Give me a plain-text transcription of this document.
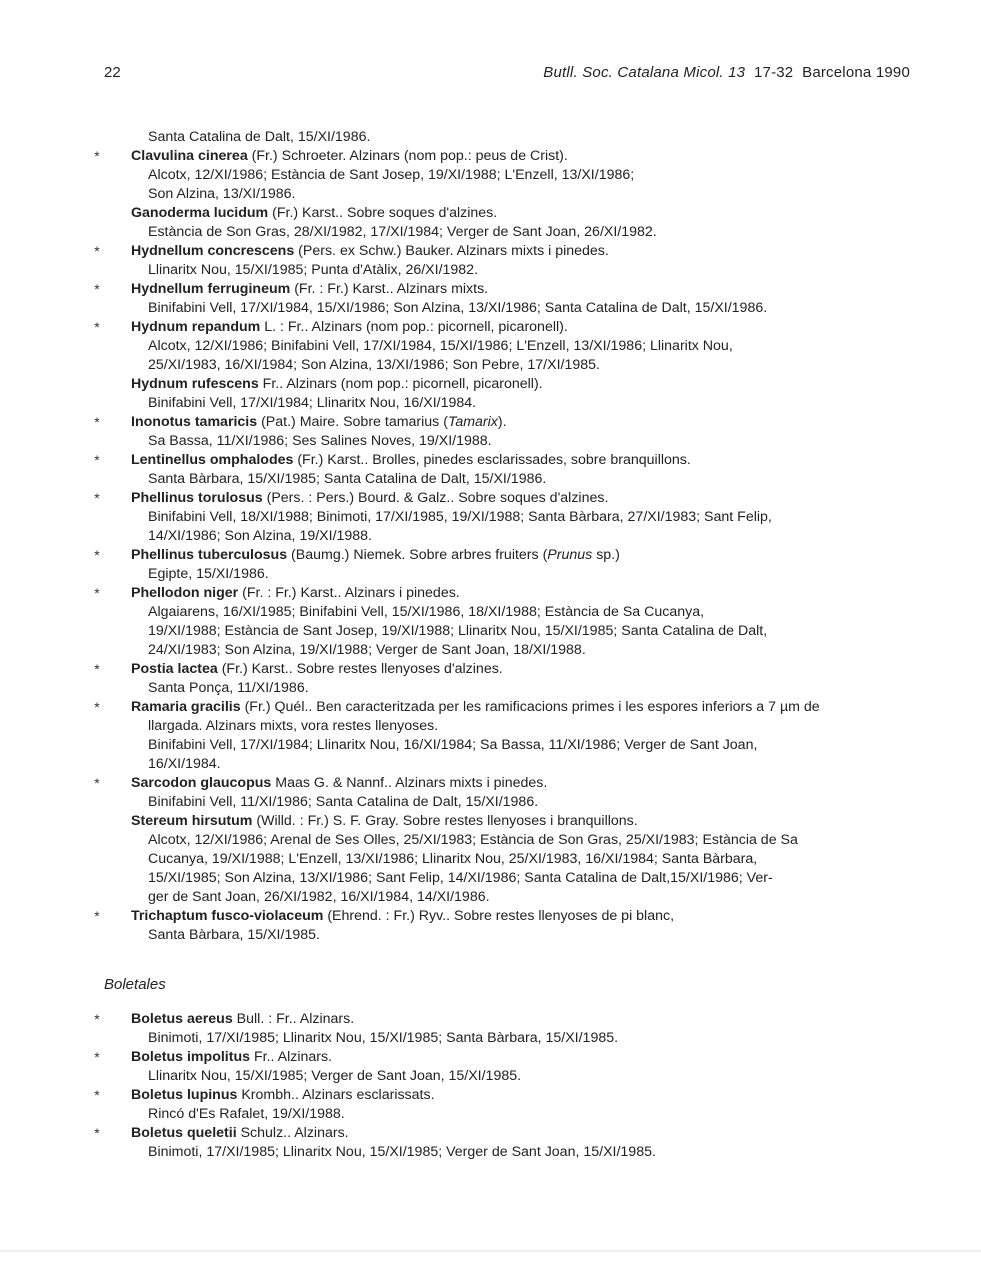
22	Butll. Soc. Catalana Micol. 13 17-32 Barcelona 1990
Santa Catalina de Dalt, 15/XI/1986.
*	Clavulina cinerea (Fr.) Schroeter. Alzinars (nom pop.: peus de Crist).
Alcotx, 12/XI/1986; Estància de Sant Josep, 19/XI/1988; L'Enzell, 13/XI/1986;
Son Alzina, 13/XI/1986.
Ganoderma lucidum (Fr.) Karst.. Sobre soques d'alzines.
Estància de Son Gras, 28/XI/1982, 17/XI/1984; Verger de Sant Joan, 26/XI/1982.
*	Hydnellum concrescens (Pers. ex Schw.) Bauker. Alzinars mixts i pinedes.
Llinaritx Nou, 15/XI/1985; Punta d'Atàlix, 26/XI/1982.
*	Hydnellum ferrugineum (Fr. : Fr.) Karst.. Alzinars mixts.
Binifabini Vell, 17/XI/1984, 15/XI/1986; Son Alzina, 13/XI/1986; Santa Catalina de Dalt, 15/XI/1986.
*	Hydnum repandum L. : Fr.. Alzinars (nom pop.: picornell, picaronell).
Alcotx, 12/XI/1986; Binifabini Vell, 17/XI/1984, 15/XI/1986; L'Enzell, 13/XI/1986; Llinaritx Nou,
25/XI/1983, 16/XI/1984; Son Alzina, 13/XI/1986; Son Pebre, 17/XI/1985.
Hydnum rufescens Fr.. Alzinars (nom pop.: picornell, picaronell).
Binifabini Vell, 17/XI/1984; Llinaritx Nou, 16/XI/1984.
*	Inonotus tamaricis (Pat.) Maire. Sobre tamarius (Tamarix).
Sa Bassa, 11/XI/1986; Ses Salines Noves, 19/XI/1988.
*	Lentinellus omphalodes (Fr.) Karst.. Brolles, pinedes esclarissades, sobre branquillons.
Santa Bàrbara, 15/XI/1985; Santa Catalina de Dalt, 15/XI/1986.
*	Phellinus torulosus (Pers. : Pers.) Bourd. & Galz.. Sobre soques d'alzines.
Binifabini Vell, 18/XI/1988; Binimoti, 17/XI/1985, 19/XI/1988; Santa Bàrbara, 27/XI/1983; Sant Felip,
14/XI/1986; Son Alzina, 19/XI/1988.
*	Phellinus tuberculosus (Baumg.) Niemek. Sobre arbres fruiters (Prunus sp.)
Egipte, 15/XI/1986.
*	Phellodon niger (Fr. : Fr.) Karst.. Alzinars i pinedes.
Algaiarens, 16/XI/1985; Binifabini Vell, 15/XI/1986, 18/XI/1988; Estància de Sa Cucanya,
19/XI/1988; Estància de Sant Josep, 19/XI/1988; Llinaritx Nou, 15/XI/1985; Santa Catalina de Dalt,
24/XI/1983; Son Alzina, 19/XI/1988; Verger de Sant Joan, 18/XI/1988.
*	Postia lactea (Fr.) Karst.. Sobre restes llenyoses d'alzines.
Santa Ponça, 11/XI/1986.
*	Ramaria gracilis (Fr.) Quél.. Ben caracteritzada per les ramificacions primes i les espores inferiors a 7 µm de
llargada. Alzinars mixts, vora restes llenyoses.
Binifabini Vell, 17/XI/1984; Llinaritx Nou, 16/XI/1984; Sa Bassa, 11/XI/1986; Verger de Sant Joan,
16/XI/1984.
*	Sarcodon glaucopus Maas G. & Nannf.. Alzinars mixts i pinedes.
Binifabini Vell, 11/XI/1986; Santa Catalina de Dalt, 15/XI/1986.
Stereum hirsutum (Willd. : Fr.) S. F. Gray. Sobre restes llenyoses i branquillons.
Alcotx, 12/XI/1986; Arenal de Ses Olles, 25/XI/1983; Estància de Son Gras, 25/XI/1983; Estància de Sa
Cucanya, 19/XI/1988; L'Enzell, 13/XI/1986; Llinaritx Nou, 25/XI/1983, 16/XI/1984; Santa Bàrbara,
15/XI/1985; Son Alzina, 13/XI/1986; Sant Felip, 14/XI/1986; Santa Catalina de Dalt,15/XI/1986; Ver-
ger de Sant Joan, 26/XI/1982, 16/XI/1984, 14/XI/1986.
*	Trichaptum fusco-violaceum (Ehrend. : Fr.) Ryv.. Sobre restes llenyoses de pi blanc,
Santa Bàrbara, 15/XI/1985.
Boletales
*	Boletus aereus Bull. : Fr.. Alzinars.
Binimoti, 17/XI/1985; Llinaritx Nou, 15/XI/1985; Santa Bàrbara, 15/XI/1985.
*	Boletus impolitus Fr.. Alzinars.
Llinaritx Nou, 15/XI/1985; Verger de Sant Joan, 15/XI/1985.
*	Boletus lupinus Krombh.. Alzinars esclarissats.
Rincó d'Es Rafalet, 19/XI/1988.
*	Boletus queletii Schulz.. Alzinars.
Binimoti, 17/XI/1985; Llinaritx Nou, 15/XI/1985; Verger de Sant Joan, 15/XI/1985.
